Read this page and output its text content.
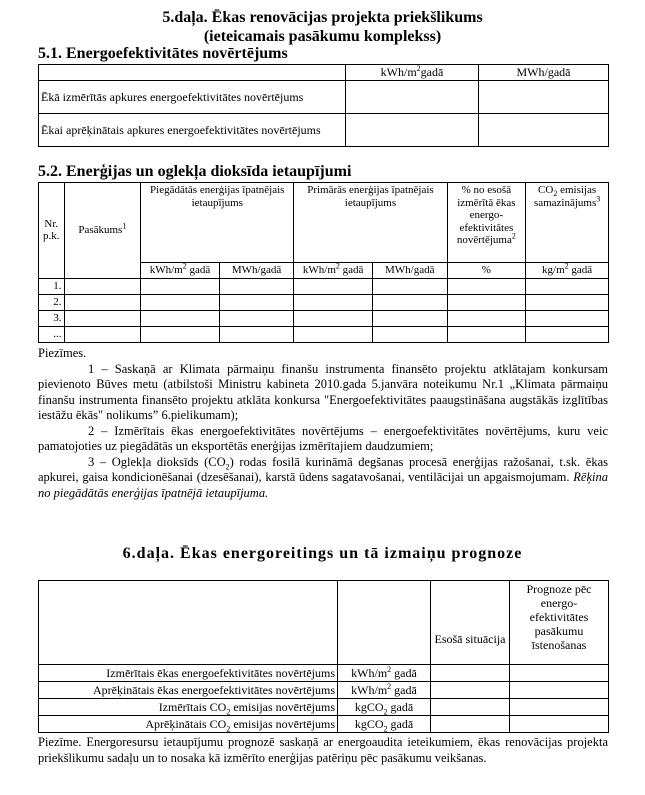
5.daļa. Ēkas renovācijas projekta priekšlikums
(ieteicamais pasākumu komplekss)
5.1. Energoefektivitātes novērtējums
	kWh/$m^2gadā$	MWh/gadā
Ēkā izmērītās apkures energoefektivitātes novērtējums		
Ēkai aprēķinātais apkures energoefektivitātes novērtējums		
5.2. Enerģijas un oglekļa dioksīda ietaupījumi
Nr. p.k.	Pasākums$^1$	Piegādātās enerģijas īpatnējais ietaupījums		Primārās enerģijas īpatnējais ietaupījums		% no esošā izmērītā ēkas energo-efektivitātes novērtējuma$^2$	$CO_2$ emisijas samazinājums$^3$
		kWh/$m^2$ gadā	MWh/gadā	kWh/$m^2$ gadā	MWh/gadā	%	$kg/m^2$ gadā
1.							
2.							
3.							
...							

Piezīmes.

1 – Saskaņā ar Klimata pārmaiņu finanšu instrumenta finansēto projektu atklātajam konkursam pievienoto Būves metu (atbilstoši Ministru kabineta 2010.gada 5.janvāra noteikumu Nr.1 „Klimata pārmaiņu finanšu instrumenta finansēto projektu atklāta konkursa "Energoefektivitātes paaugstināšana augstākās izglītības iestāžu ēkās" nolikums” 6.pielikumam);

2 – Izmērītais ēkas energoefektivitātes novērtējums – energoefektivitātes novērtējums, kuru veic pamatojoties uz piegādātās un eksportētās enerģijas izmērītajiem daudzumiem;

3 – Oglekļa dioksīds $(CO_2)$ rodas fosilā kurināmā degšanas procesā enerģijas ražošanai, t.sk. ēkas apkurei, gaisa kondicionēšanai (dzesēšanai), karstā ūdens sagatavošanai, ventilācijai un apgaismojumam. Rēķina no piegādātās enerģijas īpatnējā ietaupījuma.

6.daļa. Ēkas energoreitings un tā izmaiņu prognoze
		Esošā situācija	Prognoze pēc energo-efektivitātes pasākumu īstenošanas
Izmērītais ēkas energoefektivitātes novērtējums	kWh/$m^2$ gadā		
Aprēķinātais ēkas energoefektivitātes novērtējums	kWh/$m^2$ gadā		
Izmērītais $CO_2$ emisijas novērtējums	kgCO$_2$ gadā		
Aprēķinātais $CO_2$ emisijas novērtējums	kgCO$_2$ gadā		
Piezīme. Energoresursu ietaupījumu prognozē saskaņā ar energoaudita ieteikumiem, ēkas renovācijas projekta priekšlikumu sadaļu un to nosaka kā izmērīto enerģijas patēriņu pēc pasākumu veikšanas.
